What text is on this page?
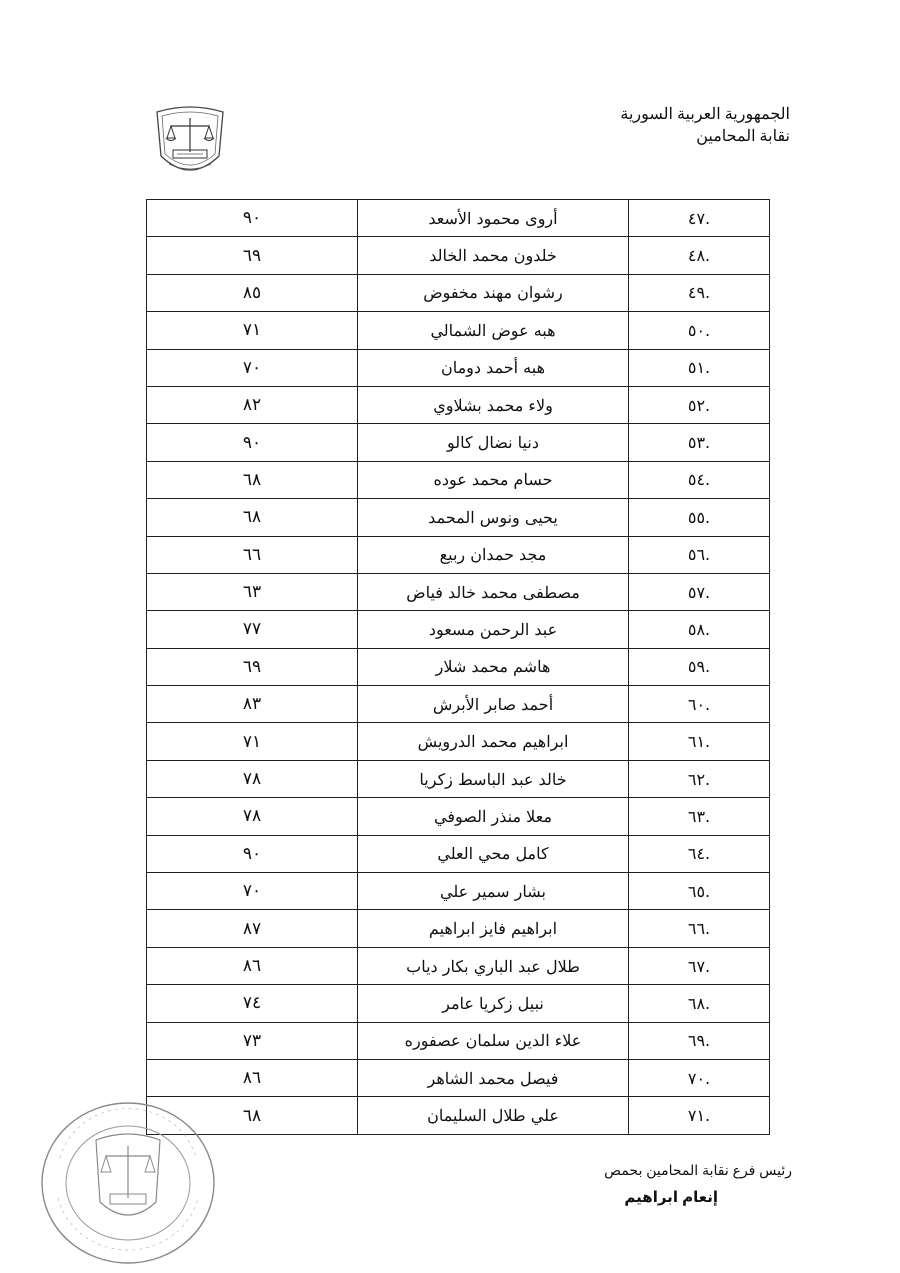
الجمهورية العربية السورية
نقابة المحامين
.٤٧	أروى محمود الأسعد	٩٠
.٤٨	خلدون محمد الخالد	٦٩
.٤٩	رشوان مهند مخفوض	٨٥
.٥٠	هبه عوض الشمالي	٧١
.٥١	هبه أحمد دومان	٧٠
.٥٢	ولاء محمد بشلاوي	٨٢
.٥٣	دنيا نضال كالو	٩٠
.٥٤	حسام محمد عوده	٦٨
.٥٥	يحيى ونوس المحمد	٦٨
.٥٦	مجد حمدان ربيع	٦٦
.٥٧	مصطفى محمد خالد فياض	٦٣
.٥٨	عبد الرحمن مسعود	٧٧
.٥٩	هاشم محمد شلار	٦٩
.٦٠	أحمد صابر الأبرش	٨٣
.٦١	ابراهيم محمد الدرويش	٧١
.٦٢	خالد عبد الباسط زكريا	٧٨
.٦٣	معلا منذر الصوفي	٧٨
.٦٤	كامل محي العلي	٩٠
.٦٥	بشار سمير علي	٧٠
.٦٦	ابراهيم فايز ابراهيم	٨٧
.٦٧	طلال عبد الباري بكار دياب	٨٦
.٦٨	نبيل زكريا عامر	٧٤
.٦٩	علاء الدين سلمان عصفوره	٧٣
.٧٠	فيصل محمد الشاهر	٨٦
.٧١	علي طلال السليمان	٦٨
رئيس فرع نقابة المحامين بحمص
إنعام ابراهيم
